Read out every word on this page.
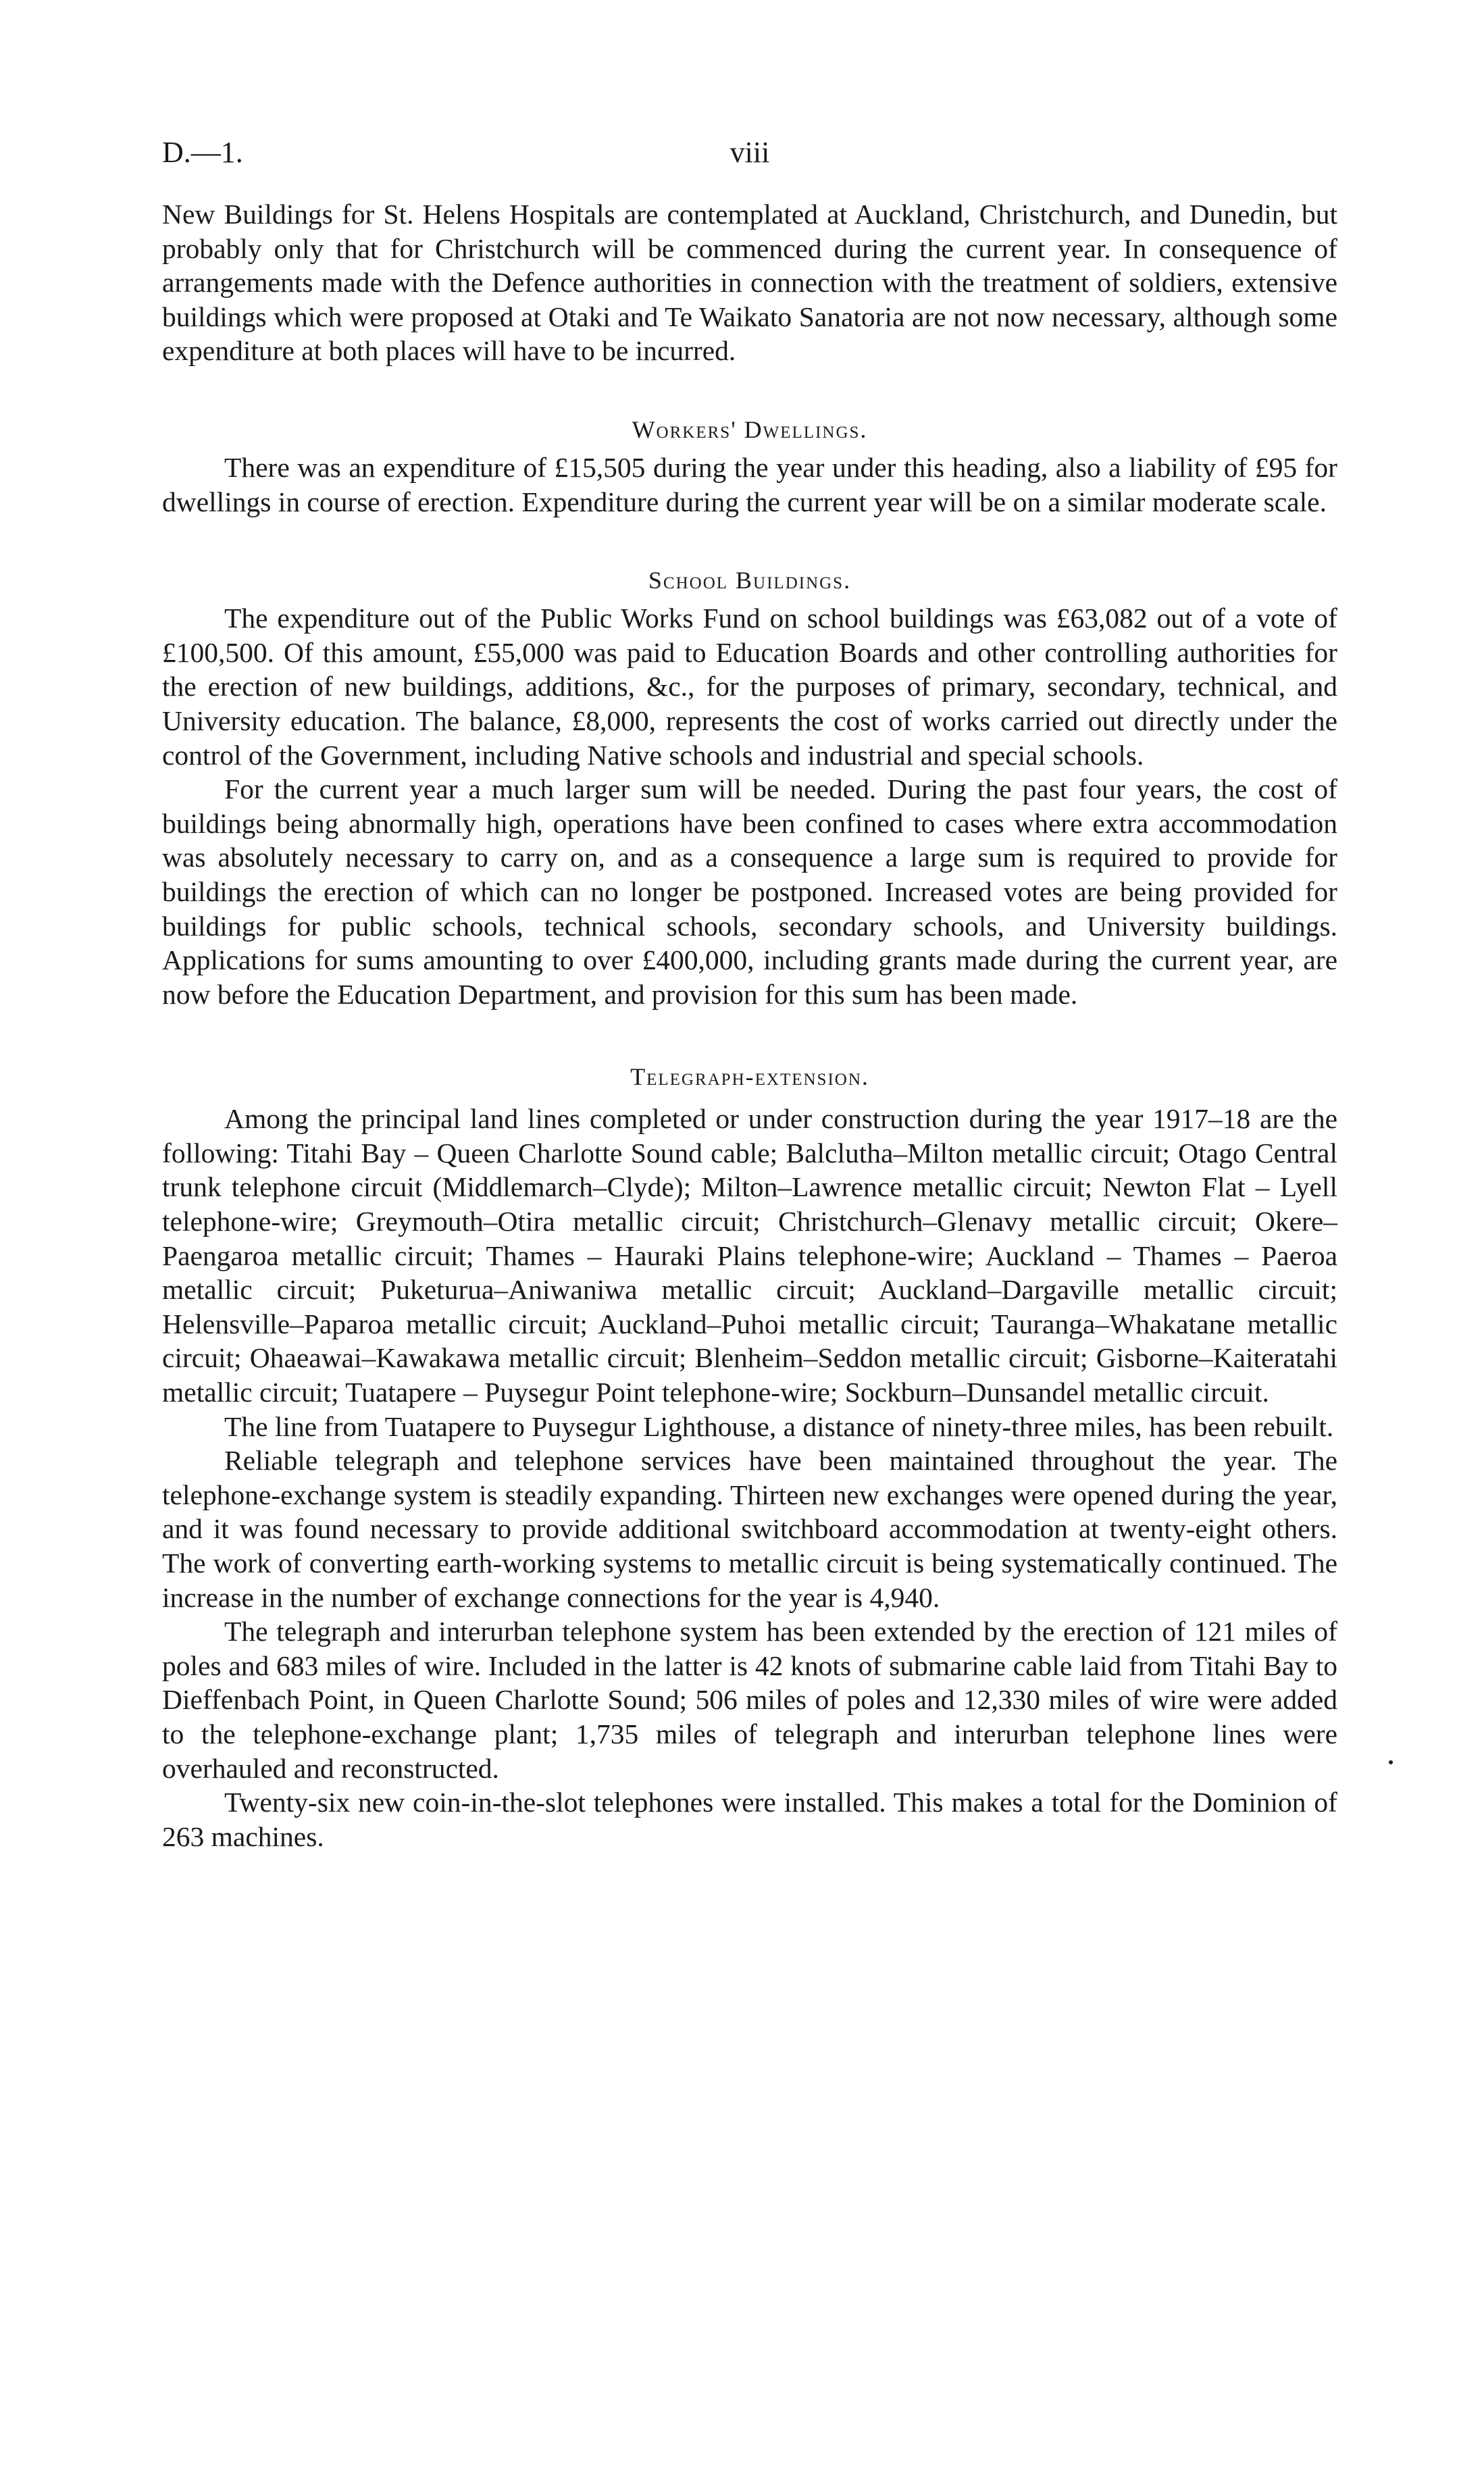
D.—1.	viii

New Buildings for St. Helens Hospitals are contemplated at Auckland, Christchurch, and Dunedin, but probably only that for Christchurch will be commenced during the current year. In consequence of arrangements made with the Defence authorities in connection with the treatment of soldiers, extensive buildings which were proposed at Otaki and Te Waikato Sanatoria are not now necessary, although some expenditure at both places will have to be incurred.

Workers' Dwellings.

There was an expenditure of £15,505 during the year under this heading, also a liability of £95 for dwellings in course of erection. Expenditure during the current year will be on a similar moderate scale.

School Buildings.

The expenditure out of the Public Works Fund on school buildings was £63,082 out of a vote of £100,500. Of this amount, £55,000 was paid to Education Boards and other controlling authorities for the erection of new buildings, additions, &c., for the purposes of primary, secondary, technical, and University education. The balance, £8,000, represents the cost of works carried out directly under the control of the Government, including Native schools and industrial and special schools.

For the current year a much larger sum will be needed. During the past four years, the cost of buildings being abnormally high, operations have been confined to cases where extra accommodation was absolutely necessary to carry on, and as a consequence a large sum is required to provide for buildings the erection of which can no longer be postponed. Increased votes are being provided for buildings for public schools, technical schools, secondary schools, and University buildings. Applications for sums amounting to over £400,000, including grants made during the current year, are now before the Education Department, and provision for this sum has been made.

Telegraph-extension.

Among the principal land lines completed or under construction during the year 1917–18 are the following: Titahi Bay – Queen Charlotte Sound cable; Balclutha–Milton metallic circuit; Otago Central trunk telephone circuit (Middlemarch–Clyde); Milton–Lawrence metallic circuit; Newton Flat – Lyell telephone-wire; Greymouth–Otira metallic circuit; Christchurch–Glenavy metallic circuit; Okere–Paengaroa metallic circuit; Thames – Hauraki Plains telephone-wire; Auckland – Thames – Paeroa metallic circuit; Puketurua–Aniwaniwa metallic circuit; Auckland–Dargaville metallic circuit; Helensville–Paparoa metallic circuit; Auckland–Puhoi metallic circuit; Tauranga–Whakatane metallic circuit; Ohaeawai–Kawakawa metallic circuit; Blenheim–Seddon metallic circuit; Gisborne–Kaiteratahi metallic circuit; Tuatapere – Puysegur Point telephone-wire; Sockburn–Dunsandel metallic circuit.

The line from Tuatapere to Puysegur Lighthouse, a distance of ninety-three miles, has been rebuilt.

Reliable telegraph and telephone services have been maintained throughout the year. The telephone-exchange system is steadily expanding. Thirteen new exchanges were opened during the year, and it was found necessary to provide additional switchboard accommodation at twenty-eight others. The work of converting earth-working systems to metallic circuit is being systematically continued. The increase in the number of exchange connections for the year is 4,940.

The telegraph and interurban telephone system has been extended by the erection of 121 miles of poles and 683 miles of wire. Included in the latter is 42 knots of submarine cable laid from Titahi Bay to Dieffenbach Point, in Queen Charlotte Sound; 506 miles of poles and 12,330 miles of wire were added to the telephone-exchange plant; 1,735 miles of telegraph and interurban telephone lines were overhauled and reconstructed.

Twenty-six new coin-in-the-slot telephones were installed. This makes a total for the Dominion of 263 machines.
